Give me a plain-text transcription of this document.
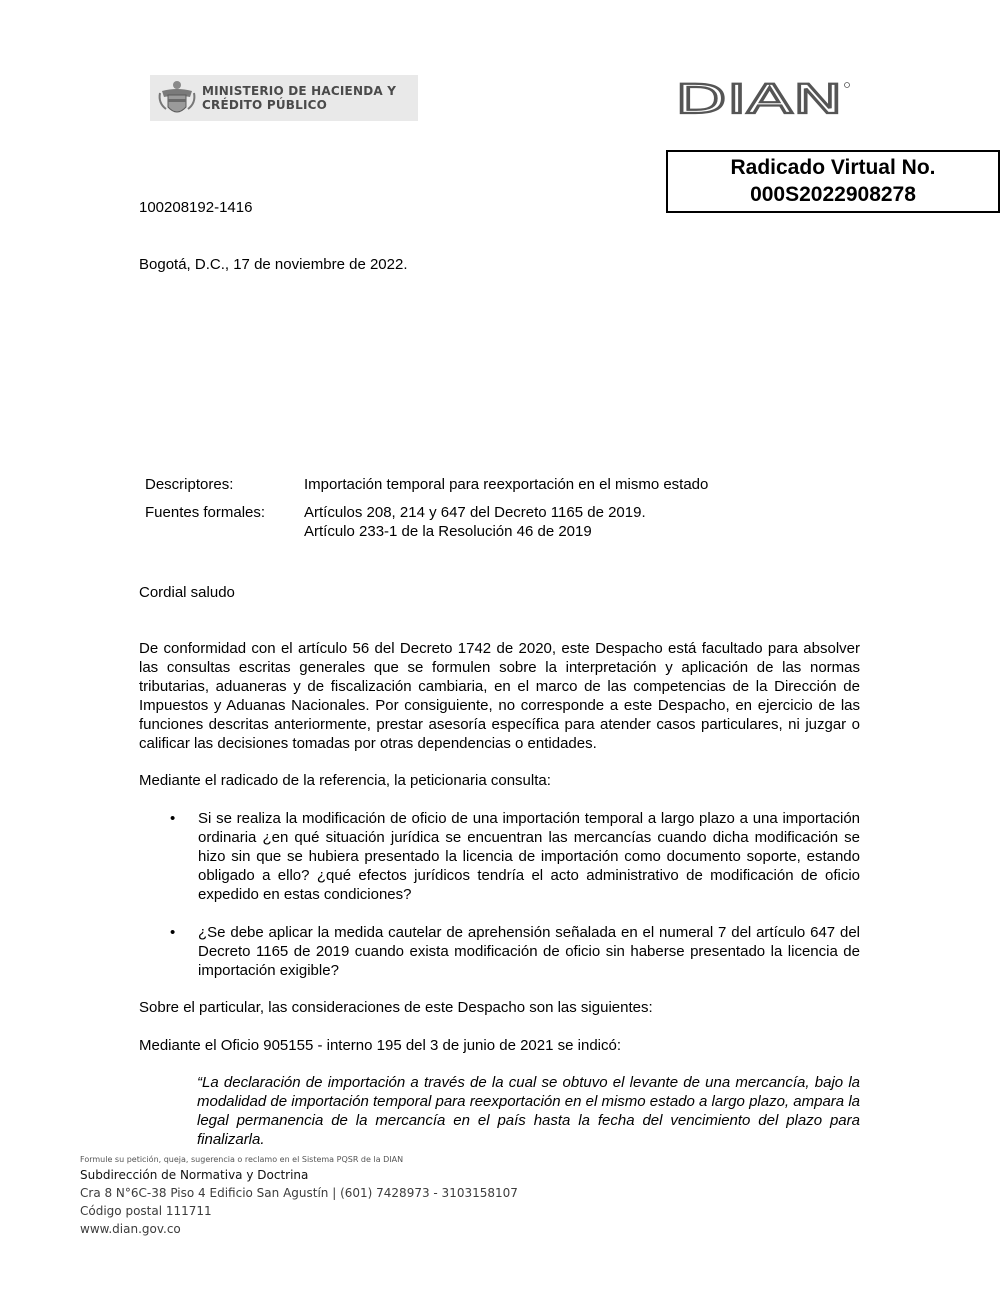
MINISTERIO DE HACIENDA Y
CRÉDITO PÚBLICO	DIAN
Radicado Virtual No.
000S2022908278
100208192-1416
Bogotá, D.C., 17 de noviembre de 2022.
Descriptores:	Importación temporal para reexportación en el mismo estado
Fuentes formales:	Artículos 208, 214 y 647 del Decreto 1165 de 2019.
Artículo 233-1 de la Resolución 46 de 2019
Cordial saludo
De conformidad con el artículo 56 del Decreto 1742 de 2020, este Despacho está facultado para absolver las consultas escritas generales que se formulen sobre la interpretación y aplicación de las normas tributarias, aduaneras y de fiscalización cambiaria, en el marco de las competencias de la Dirección de Impuestos y Aduanas Nacionales. Por consiguiente, no corresponde a este Despacho, en ejercicio de las funciones descritas anteriormente, prestar asesoría específica para atender casos particulares, ni juzgar o calificar las decisiones tomadas por otras dependencias o entidades.
Mediante el radicado de la referencia, la peticionaria consulta:
• Si se realiza la modificación de oficio de una importación temporal a largo plazo a una importación ordinaria ¿en qué situación jurídica se encuentran las mercancías cuando dicha modificación se hizo sin que se hubiera presentado la licencia de importación como documento soporte, estando obligado a ello? ¿qué efectos jurídicos tendría el acto administrativo de modificación de oficio expedido en estas condiciones?
• ¿Se debe aplicar la medida cautelar de aprehensión señalada en el numeral 7 del artículo 647 del Decreto 1165 de 2019 cuando exista modificación de oficio sin haberse presentado la licencia de importación exigible?
Sobre el particular, las consideraciones de este Despacho son las siguientes:
Mediante el Oficio 905155 - interno 195 del 3 de junio de 2021 se indicó:
“La declaración de importación a través de la cual se obtuvo el levante de una mercancía, bajo la modalidad de importación temporal para reexportación en el mismo estado a largo plazo, ampara la legal permanencia de la mercancía en el país hasta la fecha del vencimiento del plazo para finalizarla.
Formule su petición, queja, sugerencia o reclamo en el Sistema PQSR de la DIAN
Subdirección de Normativa y Doctrina
Cra 8 N°6C-38 Piso 4 Edificio San Agustín | (601) 7428973 - 3103158107
Código postal 111711
www.dian.gov.co
